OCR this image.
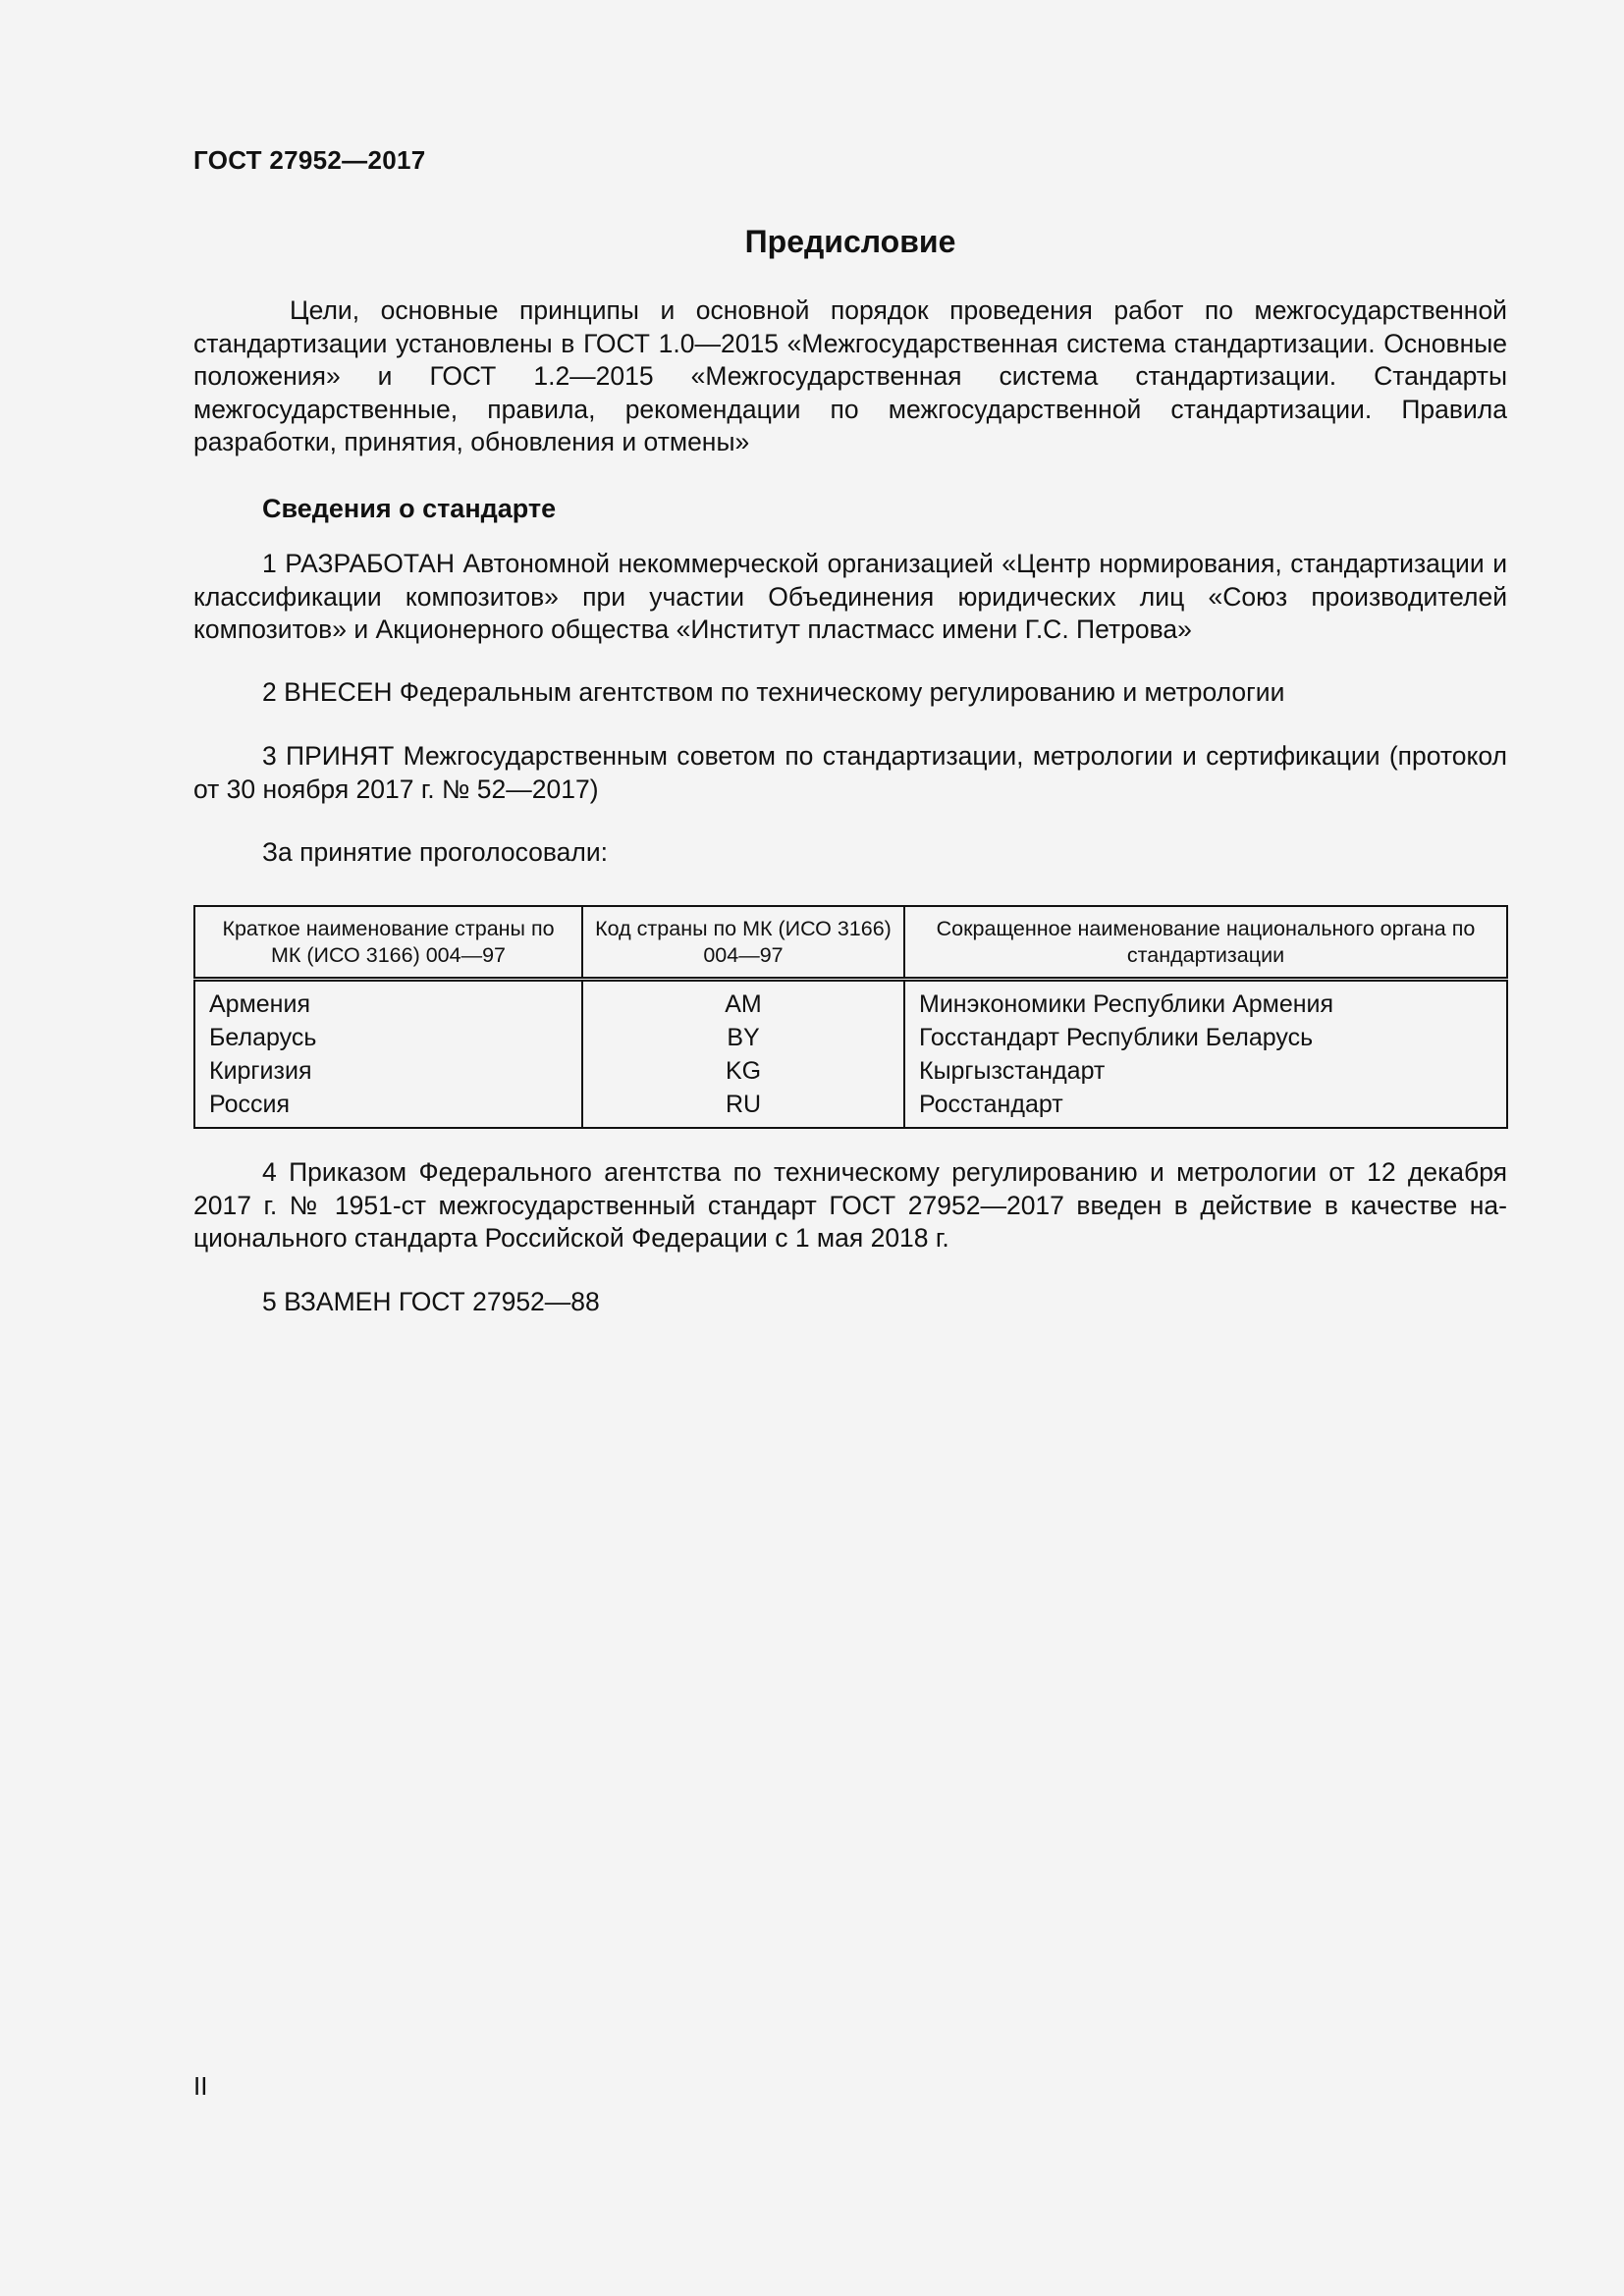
ГОСТ 27952—2017
Предисловие
Цели, основные принципы и основной порядок проведения работ по межгосударственной стандартизации установлены в ГОСТ 1.0—2015 «Межгосударственная система стандартизации. Основные положения» и ГОСТ 1.2—2015 «Межгосударственная система стандартизации. Стандарты межгосударственные, правила, рекомендации по межгосударственной стандартизации. Правила разработки, принятия, обновления и отмены»
Сведения о стандарте
1 РАЗРАБОТАН Автономной некоммерческой организацией «Центр нормирования, стандартизации и классификации композитов» при участии Объединения юридических лиц «Союз производителей композитов» и Акционерного общества «Институт пластмасс имени Г.С. Петрова»
2 ВНЕСЕН Федеральным агентством по техническому регулированию и метрологии
3 ПРИНЯТ Межгосударственным советом по стандартизации, метрологии и сертификации (протокол от 30 ноября 2017 г. № 52—2017)
За принятие проголосовали:
Краткое наименование страны по МК (ИСО 3166) 004—97	Код страны по МК (ИСО 3166) 004—97	Сокращенное наименование национального органа по стандартизации
Армения	AM	Минэкономики Республики Армения
Беларусь	BY	Госстандарт Республики Беларусь
Киргизия	KG	Кыргызстандарт
Россия	RU	Росстандарт
4 Приказом Федерального агентства по техническому регулированию и метрологии от 12 декабря 2017 г. № 1951-ст межгосударственный стандарт ГОСТ 27952—2017 введен в действие в качестве национального стандарта Российской Федерации с 1 мая 2018 г.
5 ВЗАМЕН ГОСТ 27952—88
II
